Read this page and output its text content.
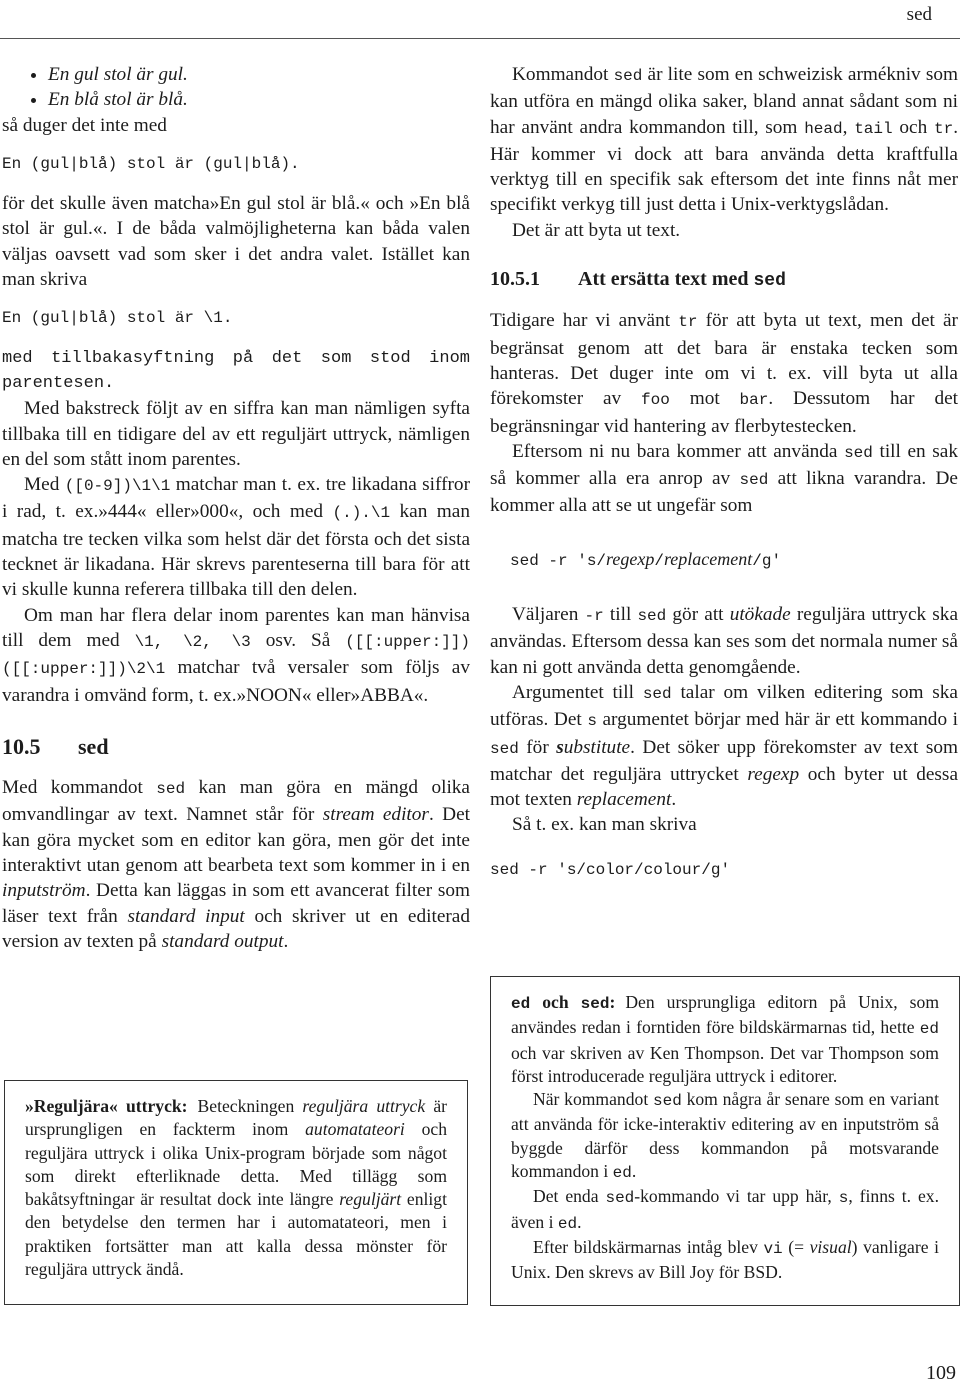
sed
• En gul stol är gul.
• En blå stol är blå.

så duger det inte med

En (gul|blå) stol är (gul|blå).

för det skulle även matcha»En gul stol är blå.« och »En blå stol är gul.«. I de båda valmöjligheterna kan båda valen väljas oavsett vad som sker i det andra valet. Istället kan man skriva

En (gul|blå) stol är \1.

med tillbakasyftning på det som stod inom parentesen.

Med bakstreck följt av en siffra kan man nämligen syfta tillbaka till en tidigare del av ett reguljärt uttryck, nämligen en del som stått inom parentes.

Med ([0-9])\1\1 matchar man t. ex. tre likadana siffror i rad, t. ex.»444« eller»000«, och med (.).\1 kan man matcha tre tecken vilka som helst där det första och det sista tecknet är likadana. Här skrevs parenteserna till bara för att vi skulle kunna referera tillbaka till den delen.

Om man har flera delar inom parentes kan man hänvisa till dem med \1, \2, \3 osv. Så ([[:upper:]])([[:upper:]])\2\1 matchar två versaler som följs av varandra i omvänd form, t. ex.»NOON« eller»ABBA«.

10.5 sed

Med kommandot sed kan man göra en mängd olika omvandlingar av text. Namnet står för stream editor. Det kan göra mycket som en editor kan göra, men gör det inte interaktivt utan genom att bearbeta text som kommer in i en inputström. Detta kan läggas in som ett avancerat filter som läser text från standard input och skriver ut en editerad version av texten på standard output.

»Reguljära« uttryck: Beteckningen reguljära uttryck är ursprungligen en fackterm inom automatateori och reguljära uttryck i olika Unix-program började som något som direkt efterliknade detta. Med tillägg som bakåtsyftningar är resultat dock inte längre reguljärt enligt den betydelse den termen har i automatateori, men i praktiken fortsätter man att kalla dessa mönster för reguljära uttryck ändå.

Kommandot sed är lite som en schweizisk armékniv som kan utföra en mängd olika saker, bland annat sådant som ni har använt andra kommandon till, som head, tail och tr. Här kommer vi dock att bara använda detta kraftfulla verktyg till en specifik sak eftersom det inte finns nåt mer specifikt verkyg till just detta i Unix-verktygslådan.

Det är att byta ut text.

10.5.1 Att ersätta text med sed

Tidigare har vi använt tr för att byta ut text, men det är begränsat genom att det bara är enstaka tecken som hanteras. Det duger inte om vi t. ex. vill byta ut alla förekomster av foo mot bar. Dessutom har det begränsningar vid hantering av flerbytestecken.

Eftersom ni nu bara kommer att använda sed till en sak så kommer alla era anrop av sed att likna varandra. De kommer alla att se ut ungefär som

sed -r 's/regexp/replacement/g'

Väljaren -r till sed gör att utökade reguljära uttryck ska användas. Eftersom dessa kan ses som det normala numer så kan ni gott använda detta genomgående.

Argumentet till sed talar om vilken editering som ska utföras. Det s argumentet börjar med här är ett kommando i sed för substitute. Det söker upp förekomster av text som matchar det reguljära uttrycket regexp och byter ut dessa mot texten replacement.

Så t. ex. kan man skriva

sed -r 's/color/colour/g'

ed och sed: Den ursprungliga editorn på Unix, som användes redan i forntiden före bildskärmarnas tid, hette ed och var skriven av Ken Thompson. Det var Thompson som först introducerade reguljära uttryck i editorer.

När kommandot sed kom några år senare som en variant att använda för icke-interaktiv editering av en inputström så byggde därför dess kommandon på motsvarande kommandon i ed.

Det enda sed-kommando vi tar upp här, s, finns t. ex. även i ed.

Efter bildskärmarnas intåg blev vi (= visual) vanligare i Unix. Den skrevs av Bill Joy för BSD.

109
